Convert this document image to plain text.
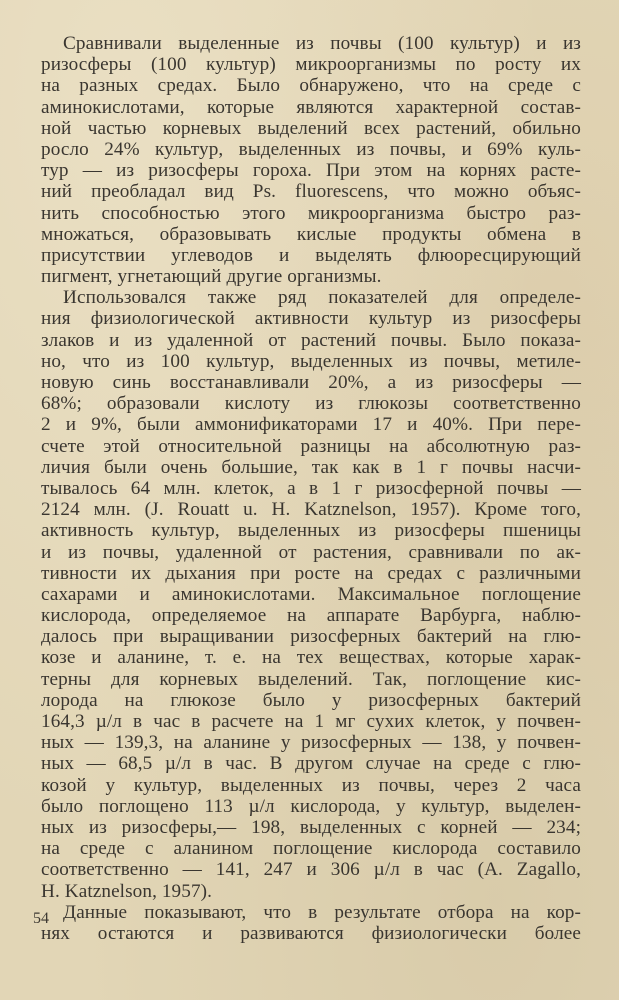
Сравнивали выделенные из почвы (100 культур) и из
ризосферы (100 культур) микроорганизмы по росту их
на разных средах. Было обнаружено, что на среде с
аминокислотами, которые являются характерной состав-
ной частью корневых выделений всех растений, обильно
росло 24% культур, выделенных из почвы, и 69% куль-
тур — из ризосферы гороха. При этом на корнях расте-
ний преобладал вид Ps. fluorescens, что можно объяс-
нить способностью этого микроорганизма быстро раз-
множаться, образовывать кислые продукты обмена в
присутствии углеводов и выделять флюоресцирующий
пигмент, угнетающий другие организмы.
Использовался также ряд показателей для определе-
ния физиологической активности культур из ризосферы
злаков и из удаленной от растений почвы. Было показа-
но, что из 100 культур, выделенных из почвы, метиле-
новую синь восстанавливали 20%, а из ризосферы —
68%; образовали кислоту из глюкозы соответственно
2 и 9%, были аммонификаторами 17 и 40%. При пере-
счете этой относительной разницы на абсолютную раз-
личия были очень большие, так как в 1 г почвы насчи-
тывалось 64 млн. клеток, а в 1 г ризосферной почвы —
2124 млн. (J. Rouatt u. H. Katznelson, 1957). Кроме того,
активность культур, выделенных из ризосферы пшеницы
и из почвы, удаленной от растения, сравнивали по ак-
тивности их дыхания при росте на средах с различными
сахарами и аминокислотами. Максимальное поглощение
кислорода, определяемое на аппарате Варбурга, наблю-
далось при выращивании ризосферных бактерий на глю-
козе и аланине, т. е. на тех веществах, которые харак-
терны для корневых выделений. Так, поглощение кис-
лорода на глюкозе было у ризосферных бактерий
164,3 µ/л в час в расчете на 1 мг сухих клеток, у почвен-
ных — 139,3, на аланине у ризосферных — 138, у почвен-
ных — 68,5 µ/л в час. В другом случае на среде с глю-
козой у культур, выделенных из почвы, через 2 часа
было поглощено 113 µ/л кислорода, у культур, выделен-
ных из ризосферы,— 198, выделенных с корней — 234;
на среде с аланином поглощение кислорода составило
соответственно — 141, 247 и 306 µ/л в час (A. Zagallo,
H. Katznelson, 1957).
Данные показывают, что в результате отбора на кор-
нях остаются и развиваются физиологически более
54
